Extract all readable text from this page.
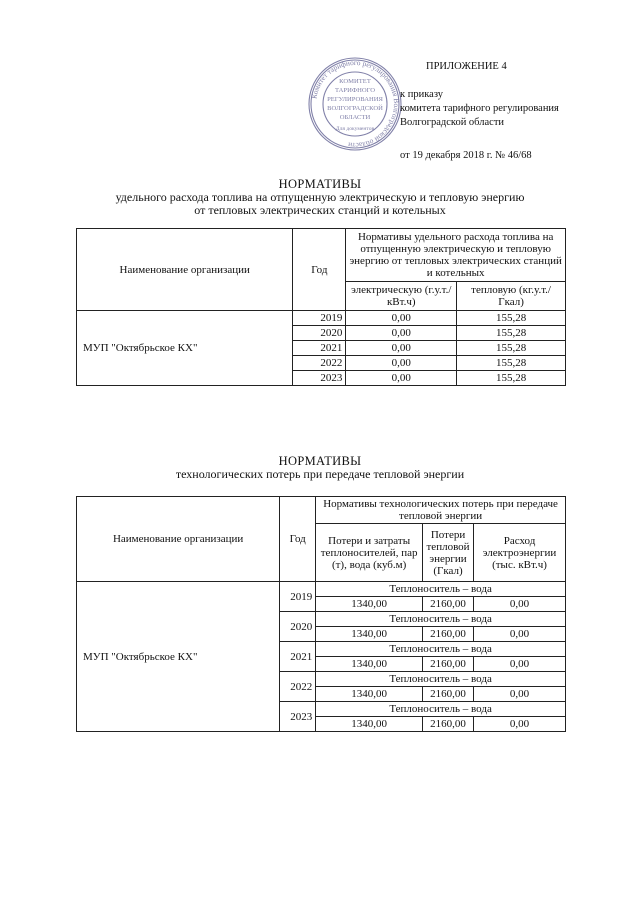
Комитет тарифного регулирования Волгоградской области
КОМИТЕТ
ТАРИФНОГО
РЕГУЛИРОВАНИЯ
ВОЛГОГРАДСКОЙ
ОБЛАСТИ
Для документов
ПРИЛОЖЕНИЕ 4
к приказу
комитета тарифного регулирования
Волгоградской области
от 19 декабря 2018 г. № 46/68
НОРМАТИВЫ
удельного расхода топлива на отпущенную электрическую и тепловую энергию
от тепловых электрических станций и котельных
Наименование организации	Год	Нормативы удельного расхода топлива на отпущенную электрическую и тепловую энергию от тепловых электрических станций и котельных	
		электрическую (г.у.т./кВт.ч)	тепловую (кг.у.т./Гкал)
МУП "Октябрьское КХ"	2019	0,00	155,28
	2020	0,00	155,28
	2021	0,00	155,28
	2022	0,00	155,28
	2023	0,00	155,28
НОРМАТИВЫ
технологических потерь при передаче тепловой энергии
Наименование организации	Год	Нормативы технологических потерь при передаче тепловой энергии		
		Потери и затраты теплоносителей, пар (т), вода (куб.м)	Потери тепловой энергии (Гкал)	Расход электроэнергии (тыс. кВт.ч)
МУП "Октябрьское КХ"	2019	Теплоноситель – вода		
		1340,00	2160,00	0,00
	2020	Теплоноситель – вода		
		1340,00	2160,00	0,00
	2021	Теплоноситель – вода		
		1340,00	2160,00	0,00
	2022	Теплоноситель – вода		
		1340,00	2160,00	0,00
	2023	Теплоноситель – вода		
		1340,00	2160,00	0,00
